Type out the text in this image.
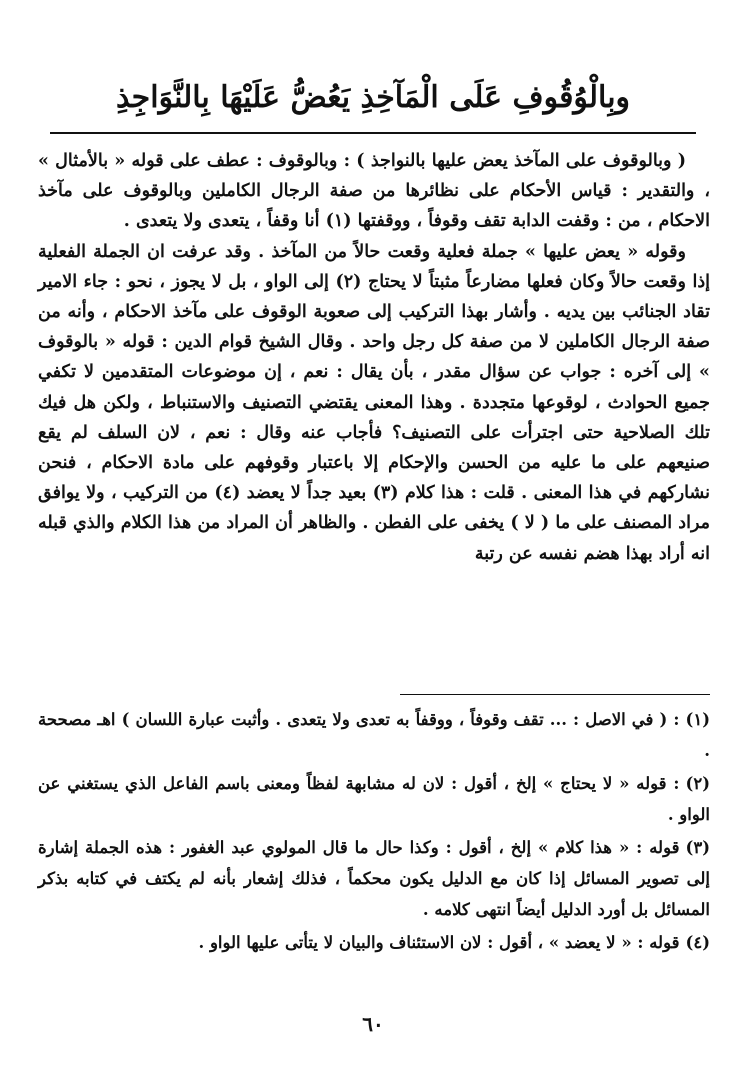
وبِالْوُقُوفِ عَلَى الْمَآخِذِ يَعُضُّ عَلَيْهَا بِالنَّوَاجِذِ

( وبالوقوف على المآخذ يعض عليها بالنواجذ ) : وبالوقوف : عطف على قوله « بالأمثال » ، والتقدير : قياس الأحكام على نظائرها من صفة الرجال الكاملين وبالوقوف على مآخذ الاحكام ، من : وقفت الدابة تقف وقوفاً ، ووقفتها (١) أنا وقفاً ، يتعدى ولا يتعدى .

وقوله « يعض عليها » جملة فعلية وقعت حالاً من المآخذ . وقد عرفت ان الجملة الفعلية إذا وقعت حالاً وكان فعلها مضارعاً مثبتاً لا يحتاج (٢) إلى الواو ، بل لا يجوز ، نحو : جاء الامير تقاد الجنائب بين يديه . وأشار بهذا التركيب إلى صعوبة الوقوف على مآخذ الاحكام ، وأنه من صفة الرجال الكاملين لا من صفة كل رجل واحد . وقال الشيخ قوام الدين : قوله « بالوقوف » إلى آخره : جواب عن سؤال مقدر ، بأن يقال : نعم ، إن موضوعات المتقدمين لا تكفي جميع الحوادث ، لوقوعها متجددة . وهذا المعنى يقتضي التصنيف والاستنباط ، ولكن هل فيك تلك الصلاحية حتى اجترأت على التصنيف؟ فأجاب عنه وقال : نعم ، لان السلف لم يقع صنيعهم على ما عليه من الحسن والإحكام إلا باعتبار وقوفهم على مادة الاحكام ، فنحن نشاركهم في هذا المعنى . قلت : هذا كلام (٣) بعيد جداً لا يعضد (٤) من التركيب ، ولا يوافق مراد المصنف على ما ( لا ) يخفى على الفطن . والظاهر أن المراد من هذا الكلام والذي قبله انه أراد بهذا هضم نفسه عن رتبة

(١): ( في الاصل : ... تقف وقوفاً ، ووقفاً به تعدى ولا يتعدى . وأثبت عبارة اللسان ) اهـ مصححة .

(٢): قوله « لا يحتاج » إلخ ، أقول : لان له مشابهة لفظاً ومعنى باسم الفاعل الذي يستغني عن الواو .

(٣)قوله : « هذا كلام » إلخ ، أقول : وكذا حال ما قال المولوي عبد الغفور : هذه الجملة إشارة إلى تصوير المسائل إذا كان مع الدليل يكون محكماً ، فذلك إشعار بأنه لم يكتف في كتابه بذكر المسائل بل أورد الدليل أيضاً انتهى كلامه .

(٤)قوله : « لا يعضد » ، أقول : لان الاستئناف والبيان لا يتأتى عليها الواو .

٦٠
